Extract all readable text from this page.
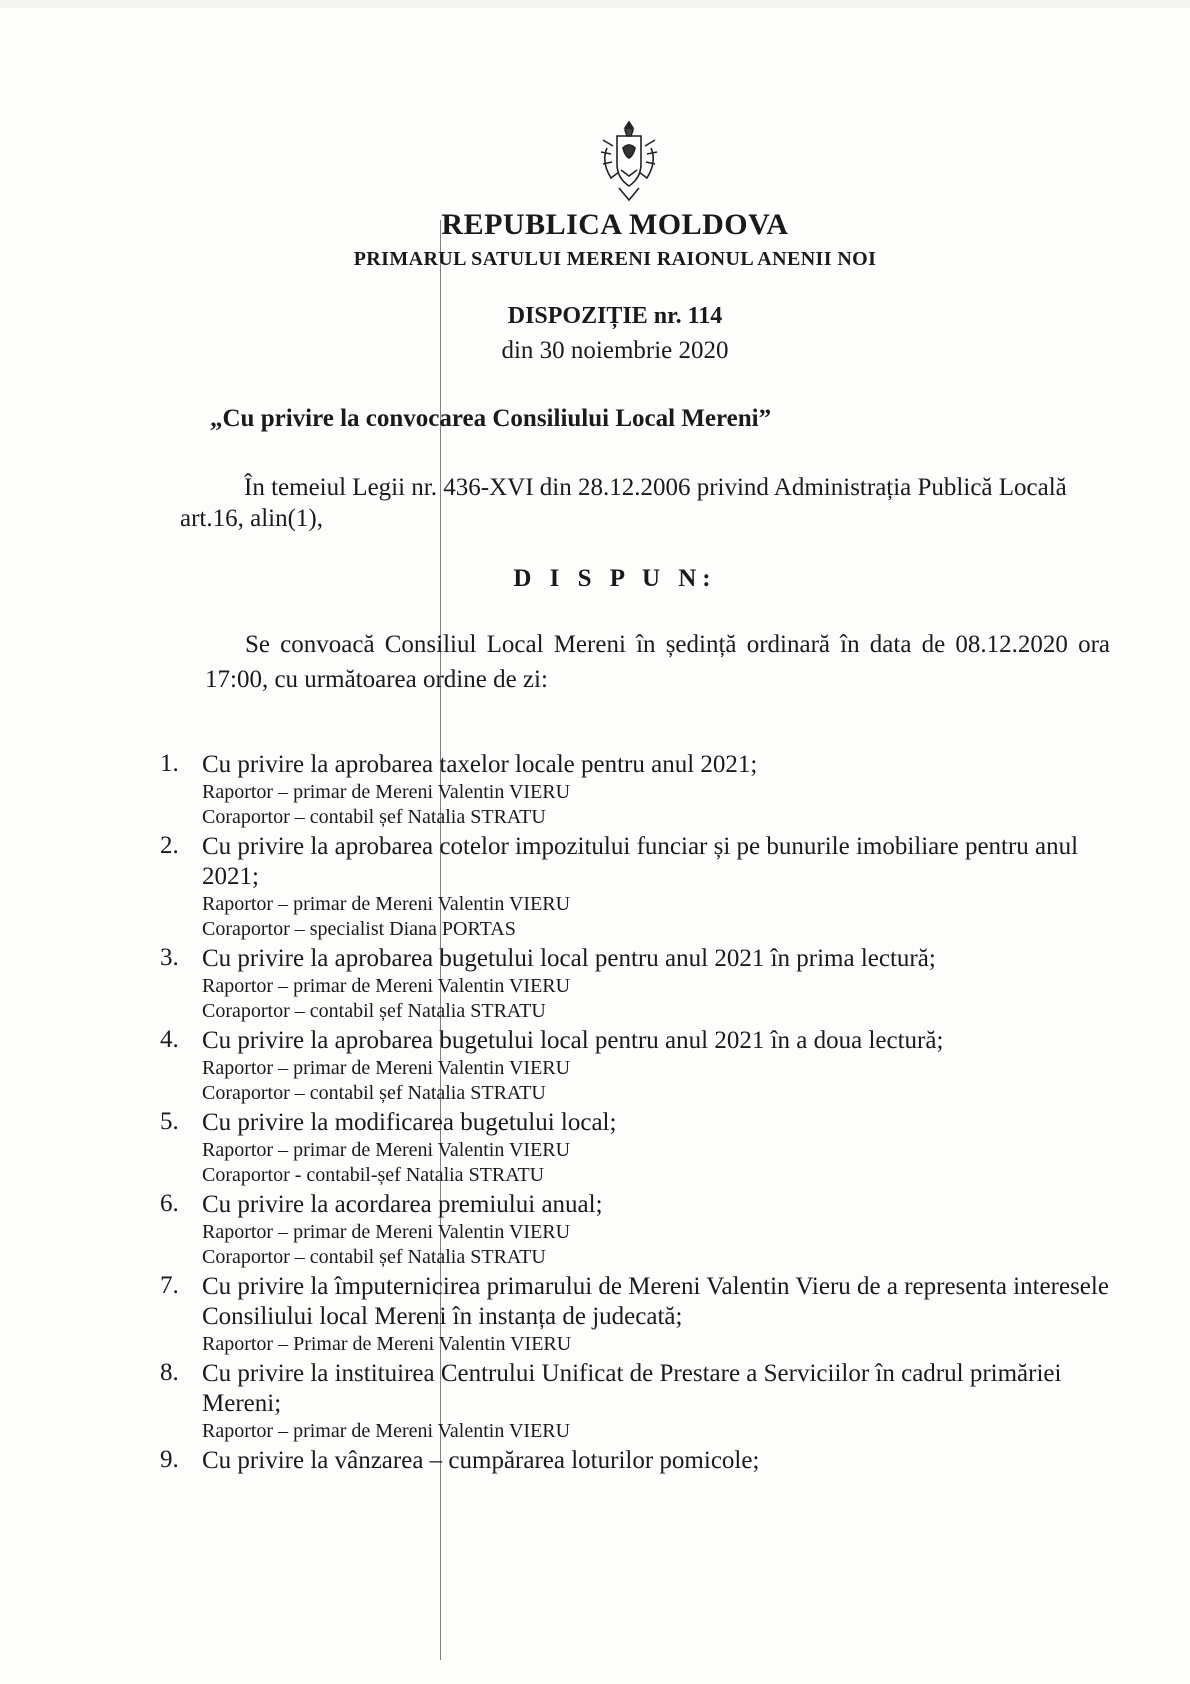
REPUBLICA MOLDOVA
PRIMARUL SATULUI MERENI RAIONUL ANENII NOI
DISPOZIȚIE nr. 114
din 30 noiembrie 2020
„Cu privire la convocarea Consiliului Local Mereni”
În temeiul Legii nr. 436-XVI din 28.12.2006 privind Administrația Publică Locală art.16, alin(1),
D I S P U N:
Se convoacă Consiliul Local Mereni în ședință ordinară în data de 08.12.2020 ora 17:00, cu următoarea ordine de zi:
1. Cu privire la aprobarea taxelor locale pentru anul 2021;
Raportor – primar de Mereni Valentin VIERU
Coraportor – contabil șef Natalia STRATU
2. Cu privire la aprobarea cotelor impozitului funciar și pe bunurile imobiliare pentru anul 2021;
Raportor – primar de Mereni Valentin VIERU
Coraportor – specialist Diana PORTAS
3. Cu privire la aprobarea bugetului local pentru anul 2021 în prima lectură;
Raportor – primar de Mereni Valentin VIERU
Coraportor – contabil șef Natalia STRATU
4. Cu privire la aprobarea bugetului local pentru anul 2021 în a doua lectură;
Raportor – primar de Mereni Valentin VIERU
Coraportor – contabil șef Natalia STRATU
5. Cu privire la modificarea bugetului local;
Raportor – primar de Mereni Valentin VIERU
Coraportor - contabil-șef Natalia STRATU
6. Cu privire la acordarea premiului anual;
Raportor – primar de Mereni Valentin VIERU
Coraportor – contabil șef Natalia STRATU
7. Cu privire la împuternicirea primarului de Mereni Valentin Vieru de a representa interesele Consiliului local Mereni în instanța de judecată;
Raportor – Primar de Mereni Valentin VIERU
8. Cu privire la instituirea Centrului Unificat de Prestare a Serviciilor în cadrul primăriei Mereni;
Raportor – primar de Mereni Valentin VIERU
9. Cu privire la vânzarea – cumpărarea loturilor pomicole;
